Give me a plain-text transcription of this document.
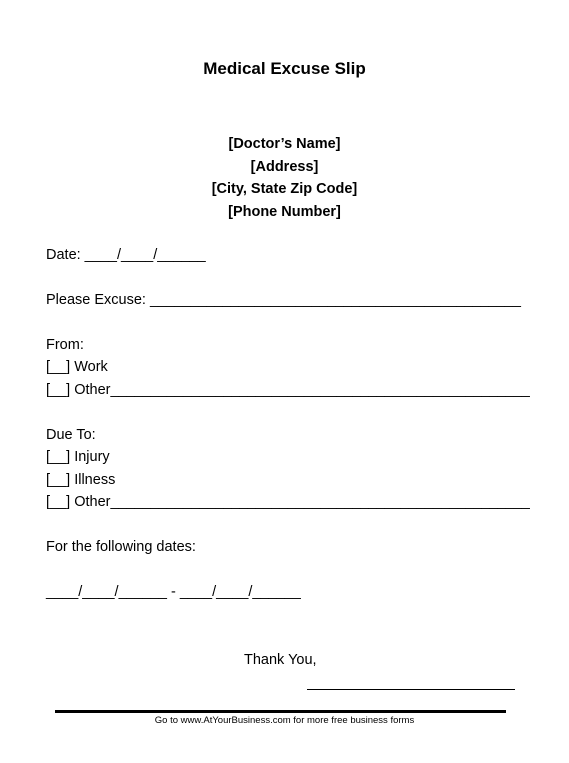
Medical Excuse Slip
[Doctor’s Name]
[Address]
[City, State Zip Code]
[Phone Number]
Date: ____/____/______
Please Excuse: ______________________________________________
From:
[__] Work
[__] Other____________________________________________________
Due To:
[__] Injury
[__] Illness
[__] Other____________________________________________________
For the following dates:
____/____/______ - ____/____/______
Thank You,
Go to www.AtYourBusiness.com for more free business forms
